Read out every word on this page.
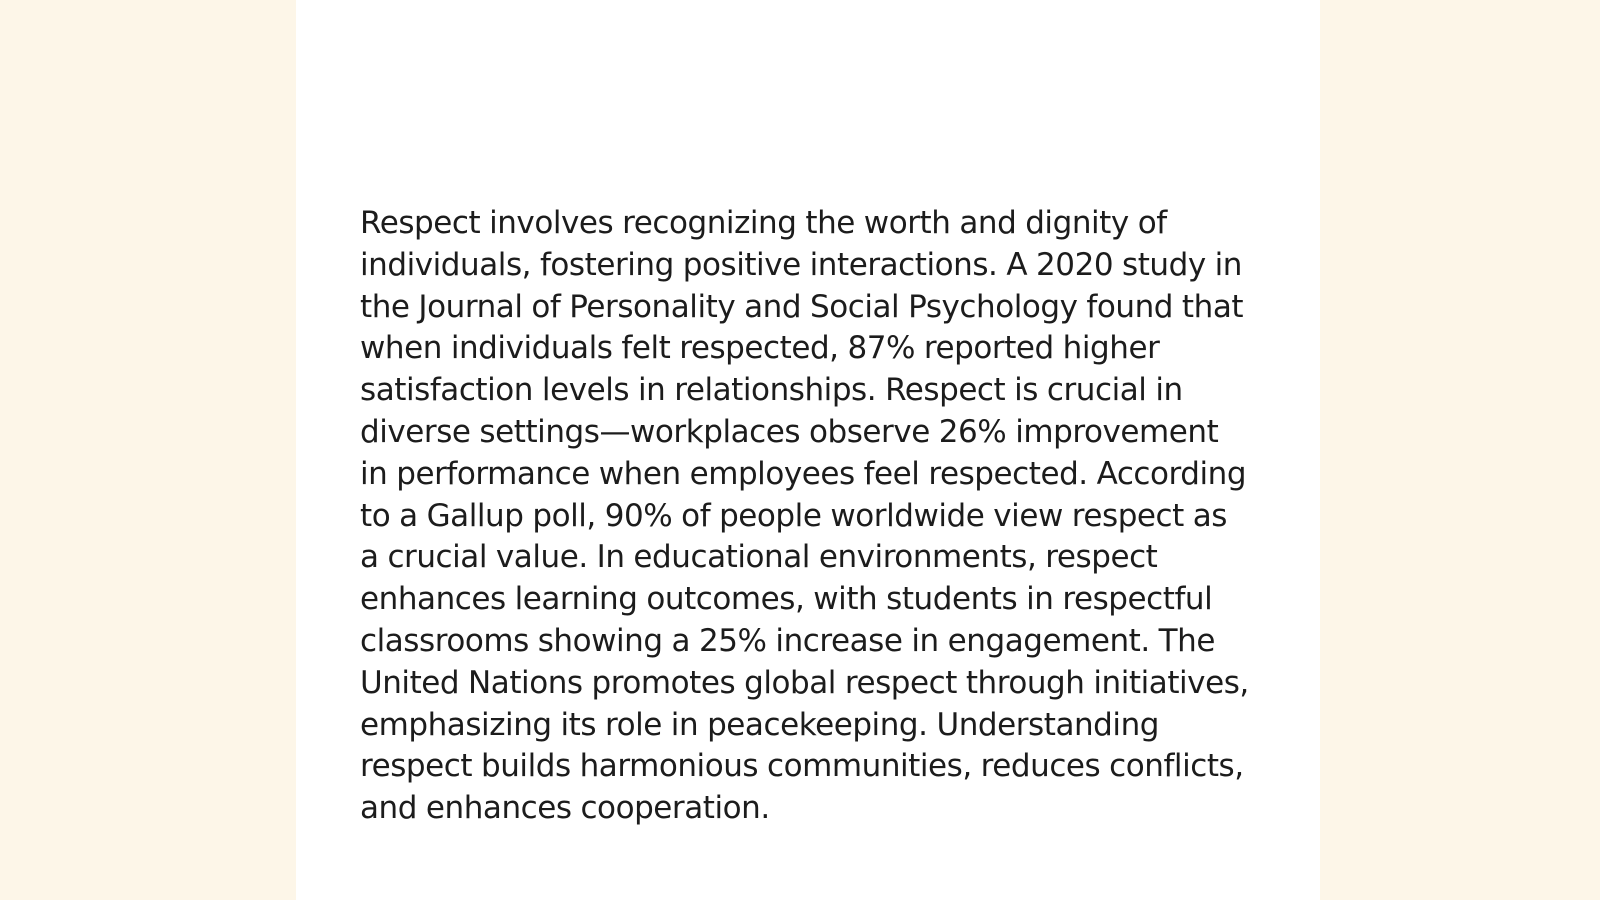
Respect involves recognizing the worth and dignity of individuals, fostering positive interactions. A 2020 study in the Journal of Personality and Social Psychology found that when individuals felt respected, 87% reported higher satisfaction levels in relationships. Respect is crucial in diverse settings—workplaces observe 26% improvement in performance when employees feel respected. According to a Gallup poll, 90% of people worldwide view respect as a crucial value. In educational environments, respect enhances learning outcomes, with students in respectful classrooms showing a 25% increase in engagement. The United Nations promotes global respect through initiatives, emphasizing its role in peacekeeping. Understanding respect builds harmonious communities, reduces conflicts, and enhances cooperation.
